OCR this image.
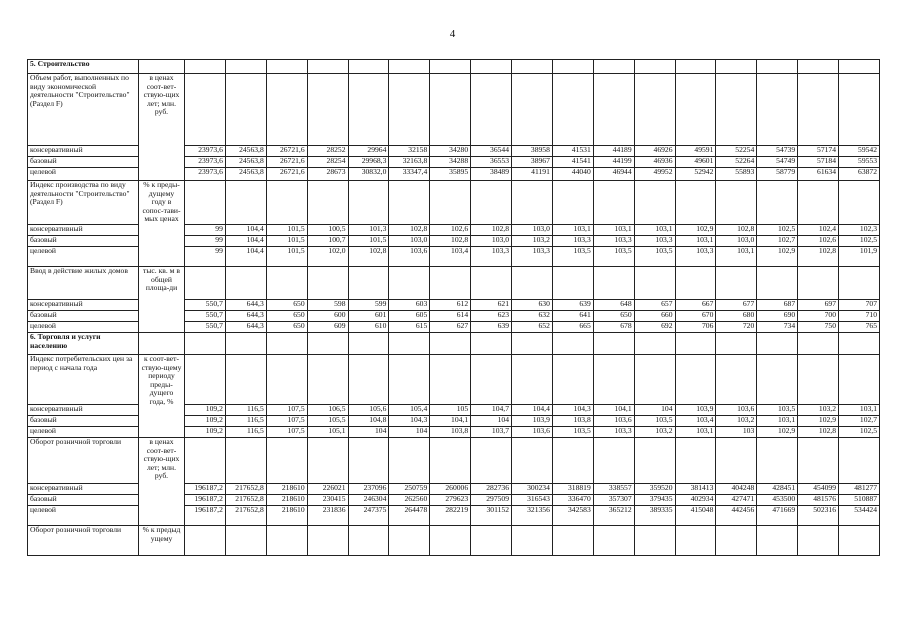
4
5. Строительство																		
Объем работ, выполненных по виду экономической деятельности "Строительство" (Раздел F)	в ценах соот-вет-ствую-щих лет; млн. руб.																	
консервативный		23973,6	24563,8	26721,6	28252	29964	32158	34280	36544	38958	41531	44189	46926	49591	52254	54739	57174	59542
базовый		23973,6	24563,8	26721,6	28254	29968,3	32163,8	34288	36553	38967	41541	44199	46936	49601	52264	54749	57184	59553
целевой		23973,6	24563,8	26721,6	28673	30832,0	33347,4	35895	38489	41191	44040	46944	49952	52942	55893	58779	61634	63872
Индекс производства по виду деятельности "Строительство" (Раздел F)	% к преды-дущему году в сопос-тави-мых ценах																	
консервативный		99	104,4	101,5	100,5	101,3	102,8	102,6	102,8	103,0	103,1	103,1	103,1	102,9	102,8	102,5	102,4	102,3
базовый		99	104,4	101,5	100,7	101,5	103,0	102,8	103,0	103,2	103,3	103,3	103,3	103,1	103,0	102,7	102,6	102,5
целевой		99	104,4	101,5	102,0	102,8	103,6	103,4	103,3	103,3	103,5	103,5	103,5	103,3	103,1	102,9	102,8	101,9
Ввод в действие жилых домов	тыс. кв. м в общей площа-ди																	
консервативный		550,7	644,3	650	598	599	603	612	621	630	639	648	657	667	677	687	697	707
базовый		550,7	644,3	650	600	601	605	614	623	632	641	650	660	670	680	690	700	710
целевой		550,7	644,3	650	609	610	615	627	639	652	665	678	692	706	720	734	750	765
6. Торговля и услуги населению																		
Индекс потребительских цен за период с начала года	к соот-вет-ствую-щему периоду преды-дущего года, %																	
консервативный		109,2	116,5	107,5	106,5	105,6	105,4	105	104,7	104,4	104,3	104,1	104	103,9	103,6	103,5	103,2	103,1
базовый		109,2	116,5	107,5	105,5	104,8	104,3	104,1	104	103,9	103,8	103,6	103,5	103,4	103,2	103,1	102,9	102,7
целевой		109,2	116,5	107,5	105,1	104	104	103,8	103,7	103,6	103,5	103,3	103,2	103,1	103	102,9	102,8	102,5
Оборот розничной торговли	в ценах соот-вет-ствую-щих лет; млн. руб.																	
консервативный		196187,2	217652,8	218610	226021	237096	250759	260006	282736	300234	318819	338557	359520	381413	404248	428451	454099	481277
базовый		196187,2	217652,8	218610	230415	246304	262560	279623	297509	316543	336470	357307	379435	402934	427471	453500	481576	510887
целевой		196187,2	217652,8	218610	231836	247375	264478	282219	301152	321356	342583	365212	389335	415048	442456	471669	502316	534424
Оборот розничной торговли	% к предыд ущему																	
